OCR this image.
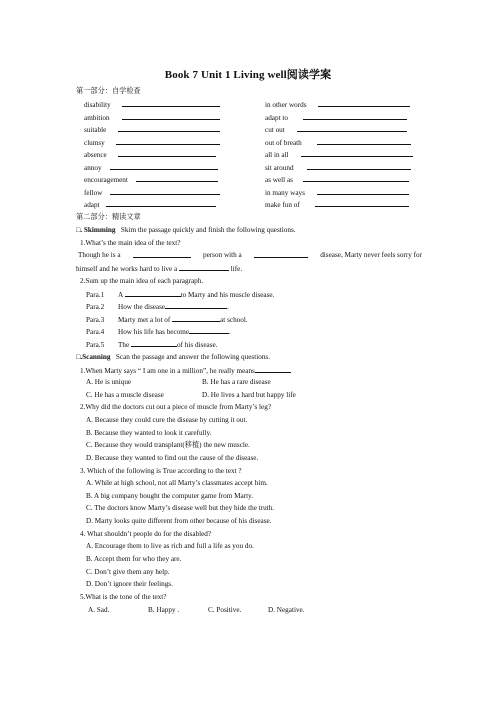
Book 7 Unit 1 Living well阅读学案
第一部分：自学检查
disability	in other words
ambition	adapt to
suitable	cut out
clumsy	out of breath
absence	all in all
annoy	sit around
encouragement	as well as
fellow	in many ways
adapt	make fun of
第二部分：精读文章
□. Skimming Skim the passage quickly and finish the following questions.
1.What’s the main idea of the text?
Though he is a	person with a	disease, Marty never feels sorry for
himself and he works hard to live a	life.
2.Sum up the main idea of each paragraph.
Para.1 A	to Marty and his muscle disease.
Para.2 How the disease	.
Para.3 Marty met a lot of	at school.
Para.4 How his life has become	.
Para.5 The	of his disease.
□.Scanning Scan the passage and answer the following questions.
1.When Marty says “ I am one in a million”, he really means
A. He is unique	B. He has a rare disease
C. He has a muscle disease	D. He lives a hard but happy life
2.Why did the doctors cut out a piece of muscle from Marty’s leg?
A. Because they could cure the disease by cutting it out.
B. Because they wanted to look it carefully.
C. Because they would transplant(移植) the new muscle.
D. Because they wanted to find out the cause of the disease.
3. Which of the following is True according to the text ?
A. While at high school, not all Marty’s classmates accept him.
B. A big company bought the computer game from Marty.
C. The doctors know Marty’s disease well but they hide the truth.
D. Marty looks quite different from other because of his disease.
4. What shouldn’t people do for the disabled?
A. Encourage them to live as rich and full a life as you do.
B. Accept them for who they are.
C. Don’t give them any help.
D. Don’t ignore their feelings.
5.What is the tone of the text?
A. Sad.	B. Happy .	C. Positive.	D. Negative.
